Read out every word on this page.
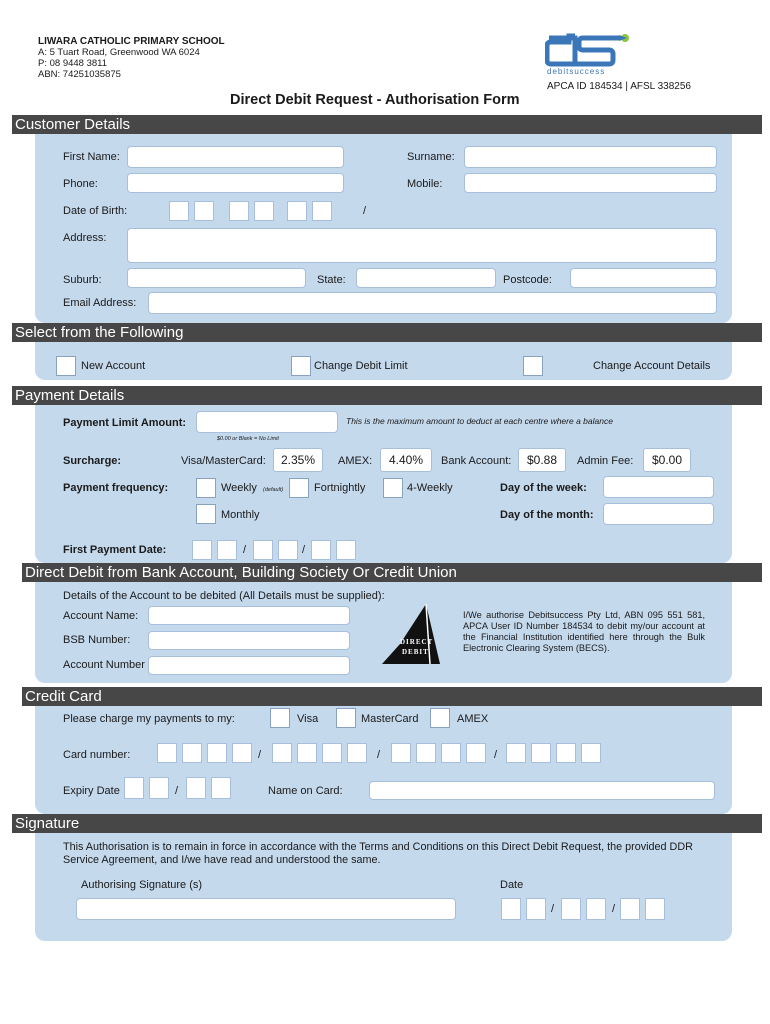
LIWARA CATHOLIC PRIMARY SCHOOL
A: 5 Tuart Road, Greenwood WA 6024
P: 08 9448 3811
ABN: 74251035875	debitsuccess
APCA ID 184534 | AFSL 338256
Direct Debit Request - Authorisation Form
Customer Details
First Name:	Surname:
Phone:	Mobile:
Date of Birth:	/
Address:
Suburb:	State:	Postcode:
Email Address:
Select from the Following
New Account	Change Debit Limit	Change Account Details
Payment Details
Payment Limit Amount:	This is the maximum amount to deduct at each centre where a balance
$0.00 or Blank = No Limit
Surcharge:	Visa/MasterCard:	2.35%	AMEX:	4.40%	Bank Account:	$0.88	Admin Fee:	$0.00
Payment frequency:	Weekly (default)	Fortnightly	4-Weekly	Day of the week:
Monthly	Day of the month:
First Payment Date:	/	/
Direct Debit from Bank Account, Building Society Or Credit Union
Details of the Account to be debited (All Details must be supplied):
Account Name:
BSB Number:
Account Number
DIRECT
DEBIT
I/We authorise Debitsuccess Pty Ltd, ABN 095 551 581, APCA User ID Number 184534 to debit my/our account at the Financial Institution identified here through the Bulk Electronic Clearing System (BECS).
Credit Card
Please charge my payments to my:	Visa	MasterCard	AMEX
Card number:	/	/	/
Expiry Date	/	Name on Card:
Signature
This Authorisation is to remain in force in accordance with the Terms and Conditions on this Direct Debit Request, the provided DDR Service Agreement, and I/we have read and understood the same.
Authorising Signature (s)	Date
/	/
